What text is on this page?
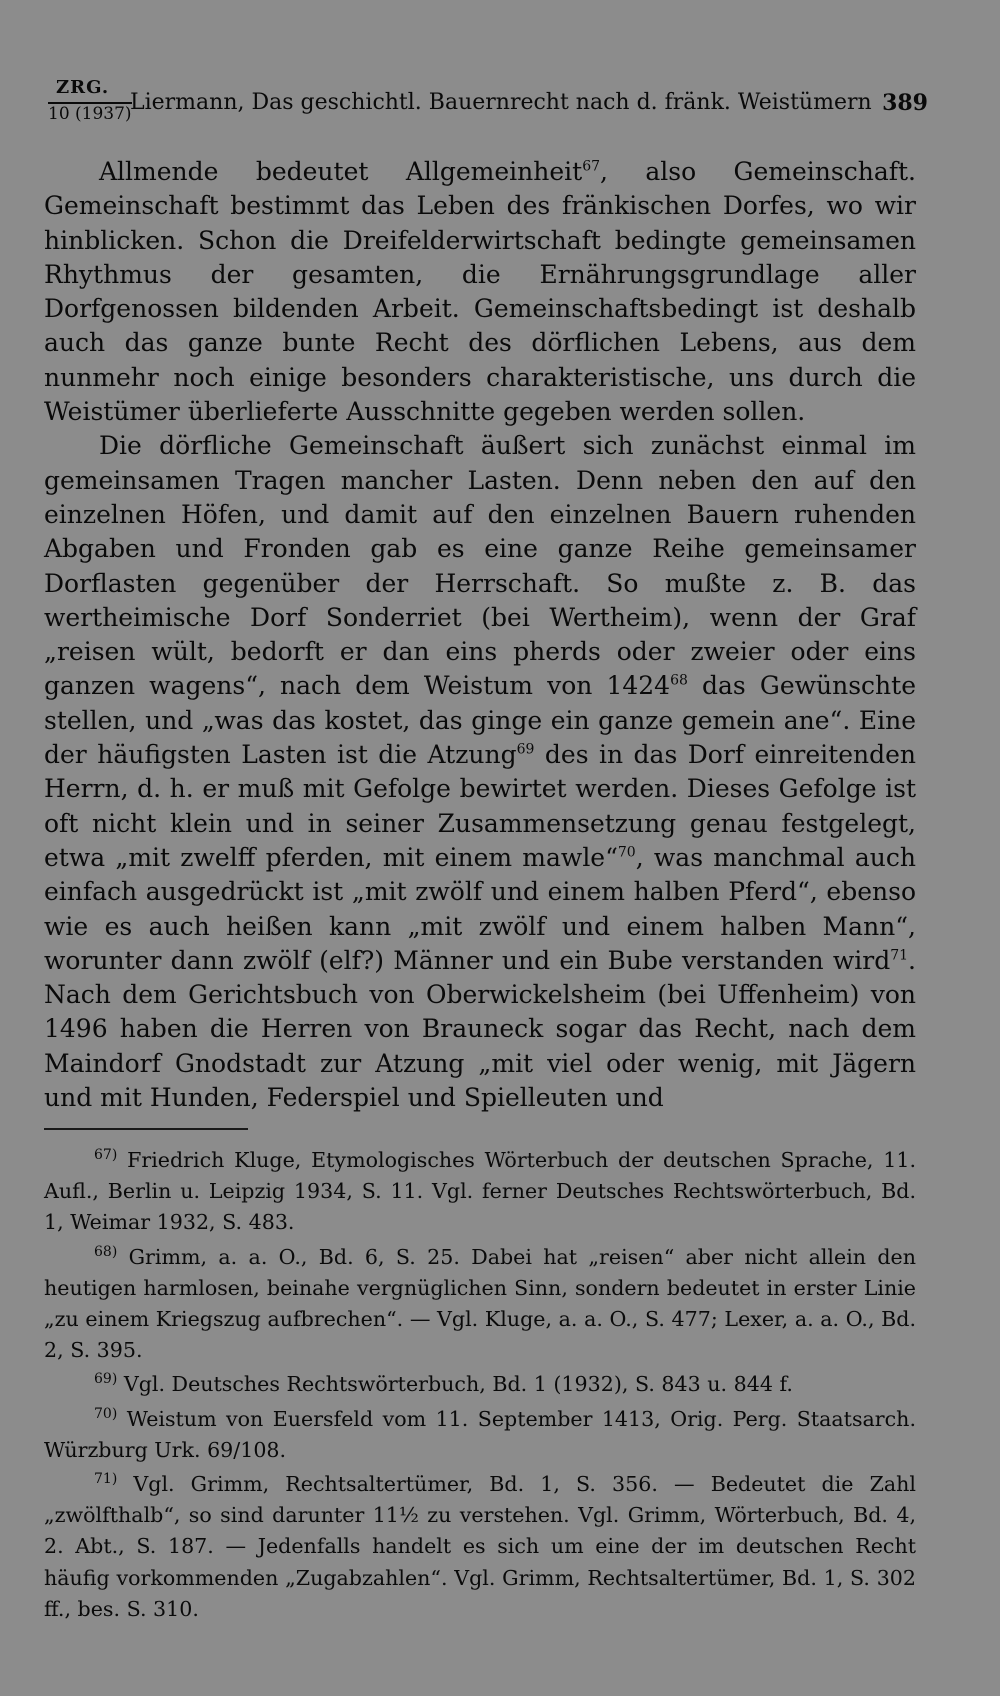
ZRG.
10 (1937)
Liermann, Das geschichtl. Bauernrecht nach d. fränk. Weistümern 389

Allmende bedeutet Allgemeinheit$^{67}$, also Gemeinschaft. Gemeinschaft bestimmt das Leben des fränkischen Dorfes, wo wir hinblicken. Schon die Dreifelderwirtschaft bedingte gemeinsamen Rhythmus der gesamten, die Ernährungsgrundlage aller Dorfgenossen bildenden Arbeit. Gemeinschaftsbedingt ist deshalb auch das ganze bunte Recht des dörflichen Lebens, aus dem nunmehr noch einige besonders charakteristische, uns durch die Weistümer überlieferte Ausschnitte gegeben werden sollen.

Die dörfliche Gemeinschaft äußert sich zunächst einmal im gemeinsamen Tragen mancher Lasten. Denn neben den auf den einzelnen Höfen, und damit auf den einzelnen Bauern ruhenden Abgaben und Fronden gab es eine ganze Reihe gemeinsamer Dorflasten gegenüber der Herrschaft. So mußte z. B. das wertheimische Dorf Sonderriet (bei Wertheim), wenn der Graf „reisen wült, bedorft er dan eins pherds oder zweier oder eins ganzen wagens“, nach dem Weistum von 1424$^{68}$ das Gewünschte stellen, und „was das kostet, das ginge ein ganze gemein ane“. Eine der häufigsten Lasten ist die Atzung$^{69}$ des in das Dorf einreitenden Herrn, d. h. er muß mit Gefolge bewirtet werden. Dieses Gefolge ist oft nicht klein und in seiner Zusammensetzung genau festgelegt, etwa „mit zwelff pferden, mit einem mawle“$^{70}$, was manchmal auch einfach ausgedrückt ist „mit zwölf und einem halben Pferd“, ebenso wie es auch heißen kann „mit zwölf und einem halben Mann“, worunter dann zwölf (elf?) Männer und ein Bube verstanden wird$^{71}$. Nach dem Gerichtsbuch von Oberwickelsheim (bei Uffenheim) von 1496 haben die Herren von Brauneck sogar das Recht, nach dem Maindorf Gnodstadt zur Atzung „mit viel oder wenig, mit Jägern und mit Hunden, Federspiel und Spielleuten und

$^{67)}$ Friedrich Kluge, Etymologisches Wörterbuch der deutschen Sprache, 11. Aufl., Berlin u. Leipzig 1934, S. 11. Vgl. ferner Deutsches Rechtswörterbuch, Bd. 1, Weimar 1932, S. 483.

$^{68)}$ Grimm, a. a. O., Bd. 6, S. 25. Dabei hat „reisen“ aber nicht allein den heutigen harmlosen, beinahe vergnüglichen Sinn, sondern bedeutet in erster Linie „zu einem Kriegszug aufbrechen“. — Vgl. Kluge, a. a. O., S. 477; Lexer, a. a. O., Bd. 2, S. 395.

$^{69)}$ Vgl. Deutsches Rechtswörterbuch, Bd. 1 (1932), S. 843 u. 844 f.

$^{70)}$ Weistum von Euersfeld vom 11. September 1413, Orig. Perg. Staatsarch. Würzburg Urk. 69/108.

$^{71)}$ Vgl. Grimm, Rechtsaltertümer, Bd. 1, S. 356. — Bedeutet die Zahl „zwölfthalb“, so sind darunter 11½ zu verstehen. Vgl. Grimm, Wörterbuch, Bd. 4, 2. Abt., S. 187. — Jedenfalls handelt es sich um eine der im deutschen Recht häufig vorkommenden „Zugabzahlen“. Vgl. Grimm, Rechtsaltertümer, Bd. 1, S. 302 ff., bes. S. 310.
